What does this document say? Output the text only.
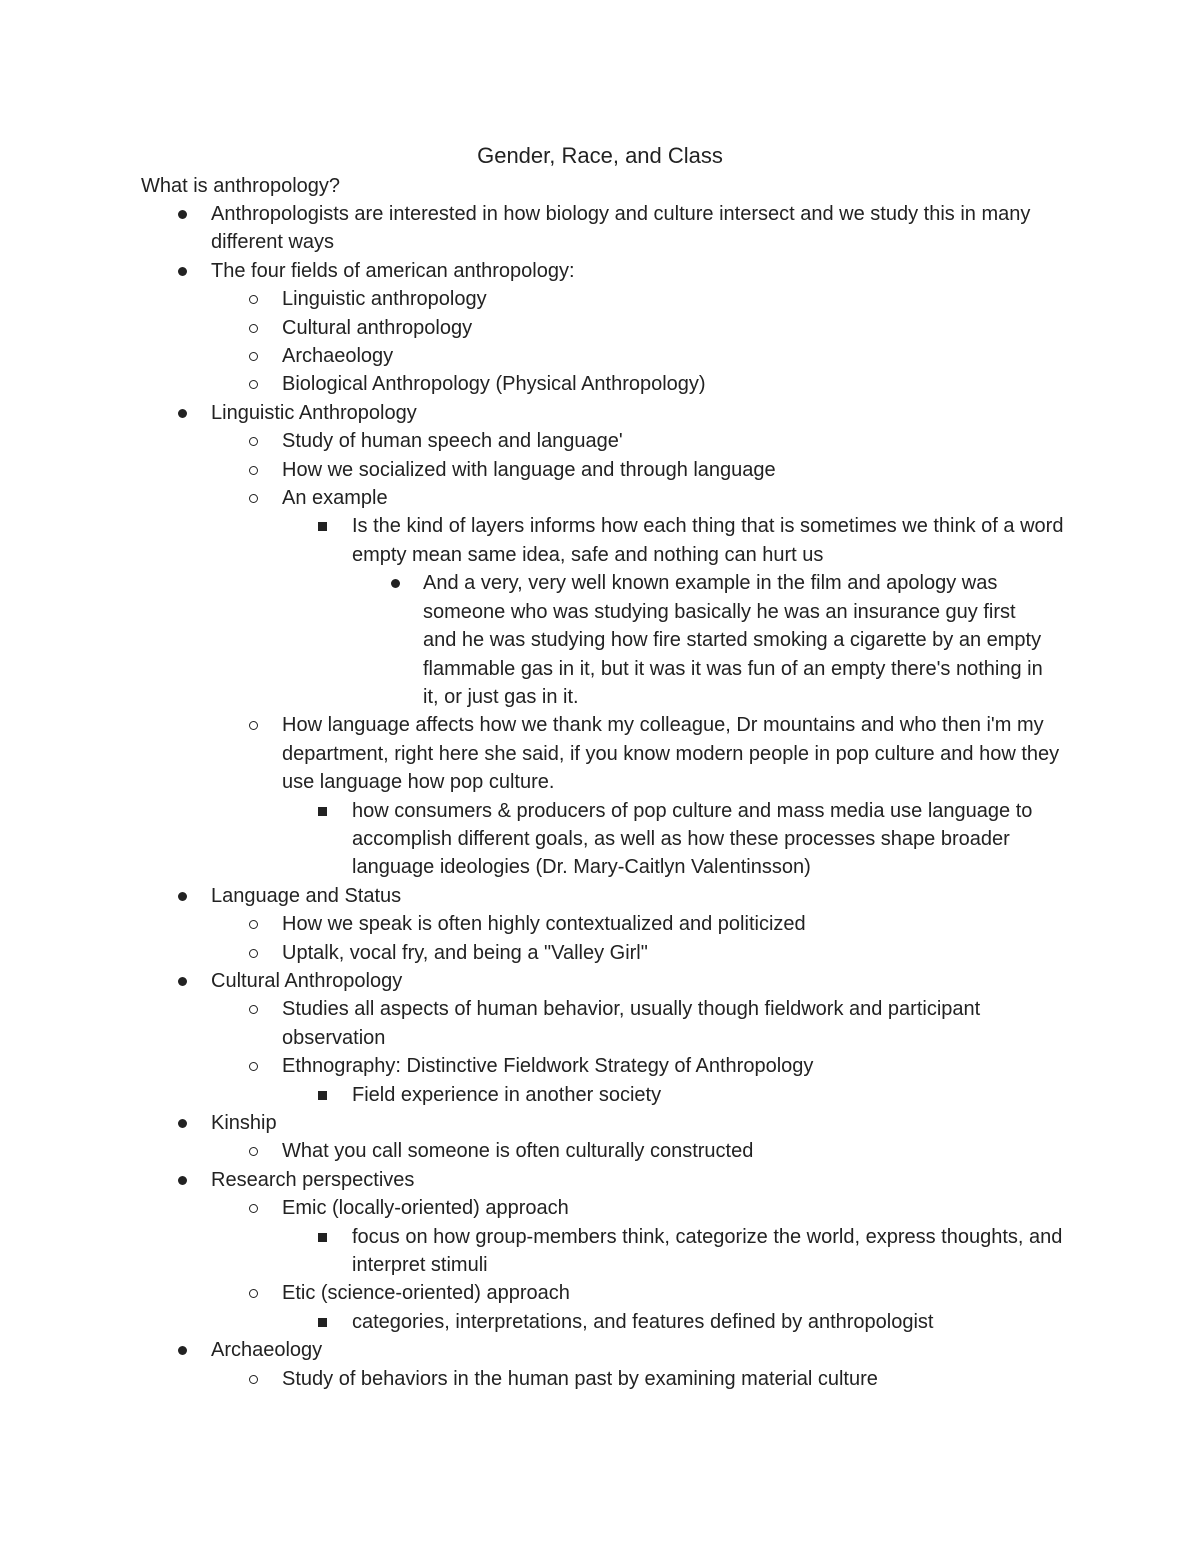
Gender, Race, and Class

What is anthropology?

Anthropologists are interested in how biology and culture intersect and we study this in many different ways
The four fields of american anthropology:
Linguistic anthropology
Cultural anthropology
Archaeology
Biological Anthropology (Physical Anthropology)
Linguistic Anthropology
Study of human speech and language'
How we socialized with language and through language
An example
Is the kind of layers informs how each thing that is sometimes we think of a word empty mean same idea, safe and nothing can hurt us
And a very, very well known example in the film and apology was someone who was studying basically he was an insurance guy first and he was studying how fire started smoking a cigarette by an empty flammable gas in it, but it was it was fun of an empty there's nothing in it, or just gas in it.
How language affects how we thank my colleague, Dr mountains and who then i'm my department, right here she said, if you know modern people in pop culture and how they use language how pop culture.
how consumers & producers of pop culture and mass media use language to accomplish different goals, as well as how these processes shape broader language ideologies (Dr. Mary-Caitlyn Valentinsson)
Language and Status
How we speak is often highly contextualized and politicized
Uptalk, vocal fry, and being a "Valley Girl"
Cultural Anthropology
Studies all aspects of human behavior, usually though fieldwork and participant observation
Ethnography: Distinctive Fieldwork Strategy of Anthropology
Field experience in another society
Kinship
What you call someone is often culturally constructed
Research perspectives
Emic (locally-oriented) approach
focus on how group-members think, categorize the world, express thoughts, and interpret stimuli
Etic (science-oriented) approach
categories, interpretations, and features defined by anthropologist
Archaeology
Study of behaviors in the human past by examining material culture
